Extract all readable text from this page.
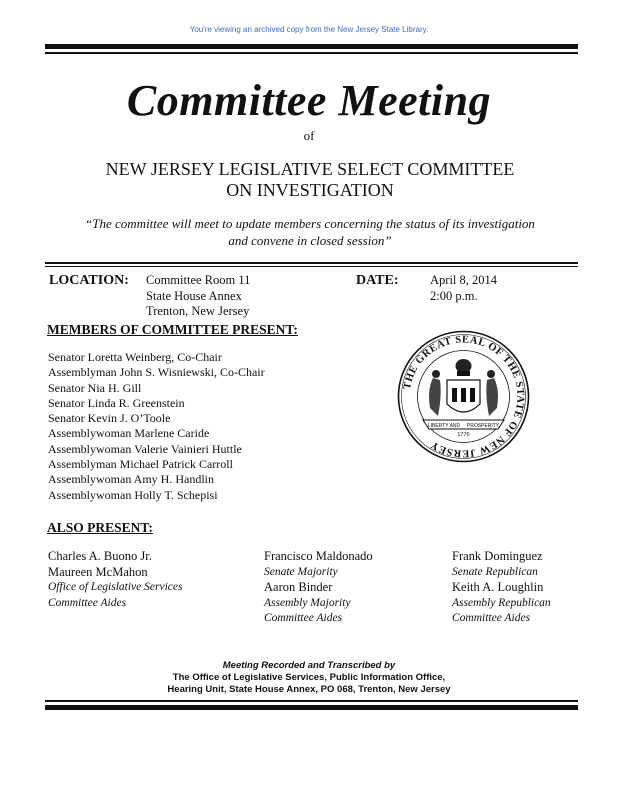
You're viewing an archived copy from the New Jersey State Library.
Committee Meeting
of
NEW JERSEY LEGISLATIVE SELECT COMMITTEE
ON INVESTIGATION
“The committee will meet to update members concerning the status of its investigation
and convene in closed session”
LOCATION: Committee Room 11
State House Annex
Trenton, New Jersey
DATE:	April 8, 2014
2:00 p.m.
MEMBERS OF COMMITTEE PRESENT:
Senator Loretta Weinberg, Co-Chair
Assemblyman John S. Wisniewski, Co-Chair
Senator Nia H. Gill
Senator Linda R. Greenstein
Senator Kevin J. O’Toole
Assemblywoman Marlene Caride
Assemblywoman Valerie Vainieri Huttle
Assemblyman Michael Patrick Carroll
Assemblywoman Amy H. Handlin
Assemblywoman Holly T. Schepisi
THE GREAT SEAL OF THE STATE OF NEW JERSEY
LIBERTY AND PROSPERITY
1776
ALSO PRESENT:
Charles A. Buono Jr.
Maureen McMahon
Office of Legislative Services
Committee Aides
Francisco Maldonado
Senate Majority
Aaron Binder
Assembly Majority
Committee Aides
Frank Dominguez
Senate Republican
Keith A. Loughlin
Assembly Republican
Committee Aides
Meeting Recorded and Transcribed by
The Office of Legislative Services, Public Information Office,
Hearing Unit, State House Annex, PO 068, Trenton, New Jersey
